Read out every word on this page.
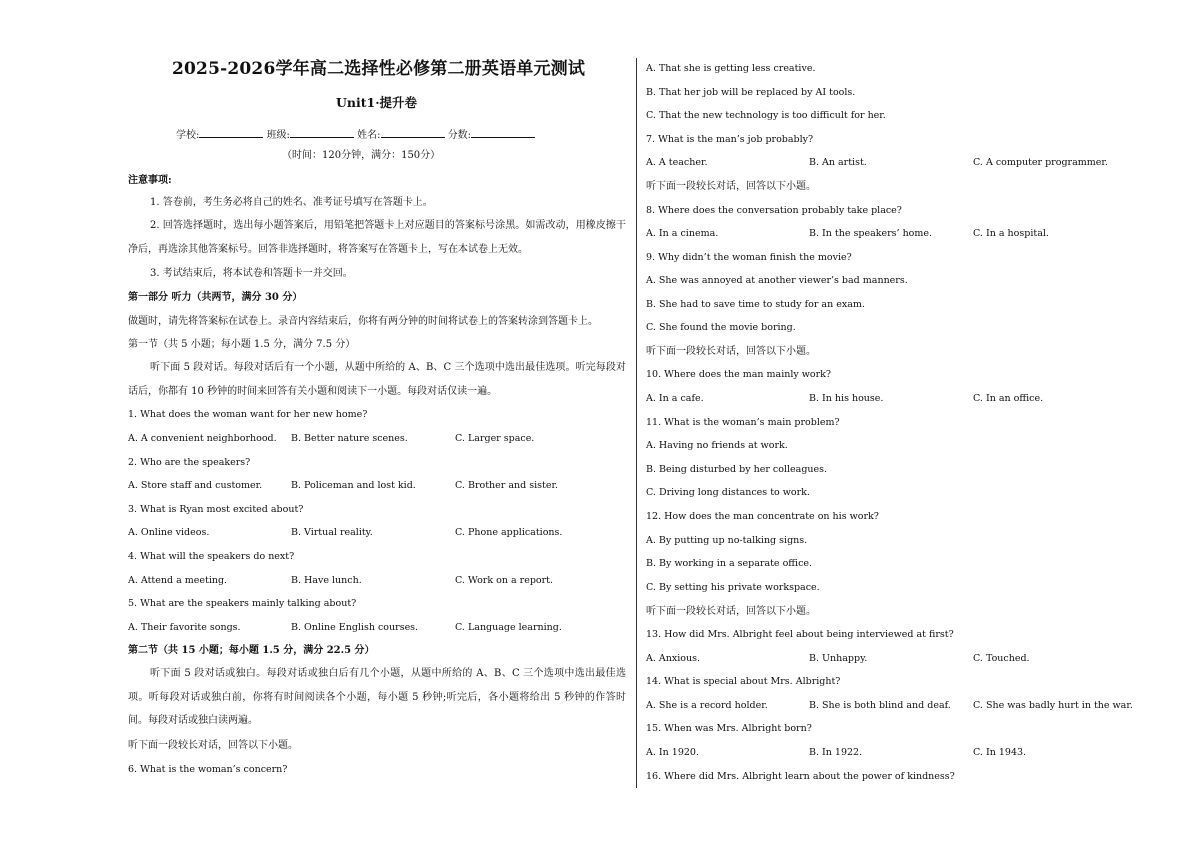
2025-2026学年高二选择性必修第二册英语单元测试
Unit1·提升卷
学校:	班级:	姓名:	分数:
（时间：120分钟，满分：150分）
注意事项:
1. 答卷前，考生务必将自己的姓名、准考证号填写在答题卡上。
2. 回答选择题时，选出每小题答案后，用铅笔把答题卡上对应题目的答案标号涂黑。如需改动，用橡皮擦干净后，再选涂其他答案标号。回答非选择题时，将答案写在答题卡上，写在本试卷上无效。
3. 考试结束后，将本试卷和答题卡一并交回。
第一部分 听力（共两节，满分 30 分）
做题时，请先将答案标在试卷上。录音内容结束后，你将有两分钟的时间将试卷上的答案转涂到答题卡上。
第一节（共 5 小题；每小题 1.5 分，满分 7.5 分）
听下面 5 段对话。每段对话后有一个小题，从题中所给的 A、B、C 三个选项中选出最佳选项。听完每段对话后，你都有 10 秒钟的时间来回答有关小题和阅读下一小题。每段对话仅读一遍。
1. What does the woman want for her new home?
A. A convenient neighborhood. B. Better nature scenes.	C. Larger space.
2. Who are the speakers?
A. Store staff and customer.	B. Policeman and lost kid.	C. Brother and sister.
3. What is Ryan most excited about?
A. Online videos.	B. Virtual reality.	C. Phone applications.
4. What will the speakers do next?
A. Attend a meeting.	B. Have lunch.	C. Work on a report.
5. What are the speakers mainly talking about?
A. Their favorite songs.	B. Online English courses.	C. Language learning.
第二节（共 15 小题；每小题 1.5 分，满分 22.5 分）
听下面 5 段对话或独白。每段对话或独白后有几个小题，从题中所给的 A、B、C 三个选项中选出最佳选项。听每段对话或独白前，你将有时间阅读各个小题，每小题 5 秒钟;听完后，各小题将给出 5 秒钟的作答时间。每段对话或独白读两遍。
听下面一段较长对话，回答以下小题。
6. What is the woman’s concern?
A. That she is getting less creative.
B. That her job will be replaced by AI tools.
C. That the new technology is too difficult for her.
7. What is the man’s job probably?
A. A teacher.	B. An artist.	C. A computer programmer.
听下面一段较长对话，回答以下小题。
8. Where does the conversation probably take place?
A. In a cinema.	B. In the speakers’ home.	C. In a hospital.
9. Why didn’t the woman finish the movie?
A. She was annoyed at another viewer’s bad manners.
B. She had to save time to study for an exam.
C. She found the movie boring.
听下面一段较长对话，回答以下小题。
10. Where does the man mainly work?
A. In a cafe.	B. In his house.	C. In an office.
11. What is the woman’s main problem?
A. Having no friends at work.
B. Being disturbed by her colleagues.
C. Driving long distances to work.
12. How does the man concentrate on his work?
A. By putting up no-talking signs.
B. By working in a separate office.
C. By setting his private workspace.
听下面一段较长对话，回答以下小题。
13. How did Mrs. Albright feel about being interviewed at first?
A. Anxious.	B. Unhappy.	C. Touched.
14. What is special about Mrs. Albright?
A. She is a record holder.	B. She is both blind and deaf. C. She was badly hurt in the war.
15. When was Mrs. Albright born?
A. In 1920.	B. In 1922.	C. In 1943.
16. Where did Mrs. Albright learn about the power of kindness?
